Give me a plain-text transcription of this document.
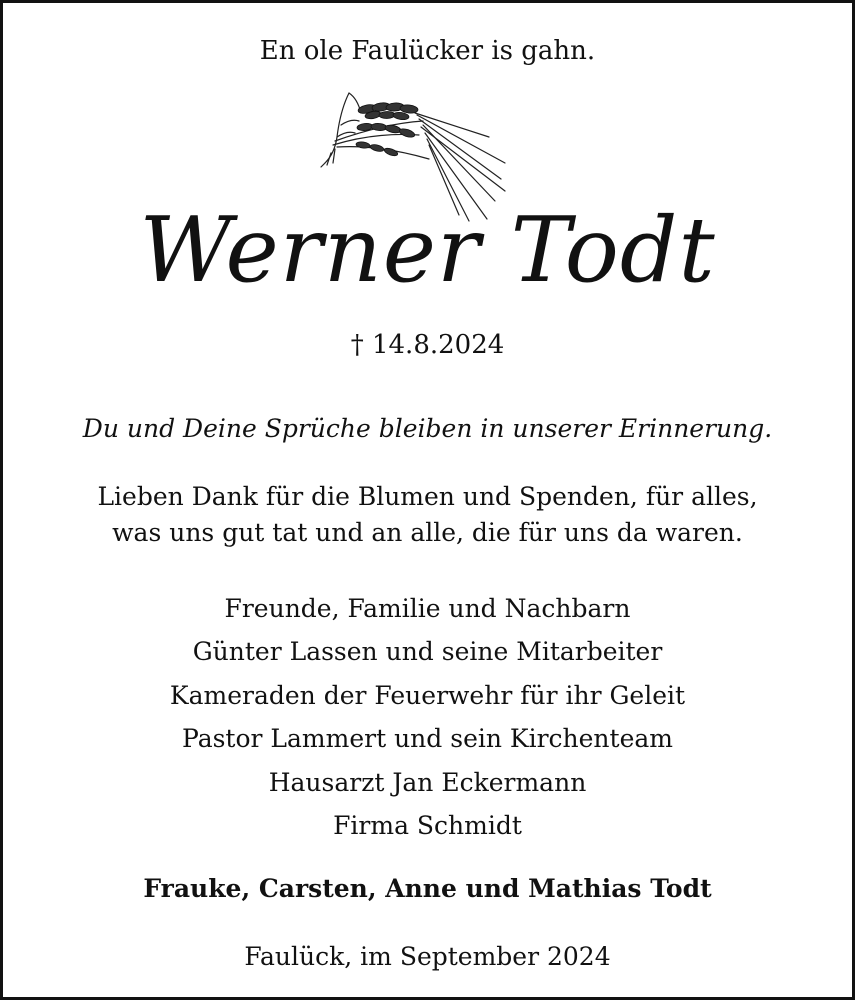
En ole Faulücker is gahn.
Werner Todt
† 14.8.2024
Du und Deine Sprüche bleiben in unserer Erinnerung.
Lieben Dank für die Blumen und Spenden, für alles,
was uns gut tat und an alle, die für uns da waren.
Freunde, Familie und Nachbarn
Günter Lassen und seine Mitarbeiter
Kameraden der Feuerwehr für ihr Geleit
Pastor Lammert und sein Kirchenteam
Hausarzt Jan Eckermann
Firma Schmidt
Frauke, Carsten, Anne und Mathias Todt
Faulück, im September 2024
